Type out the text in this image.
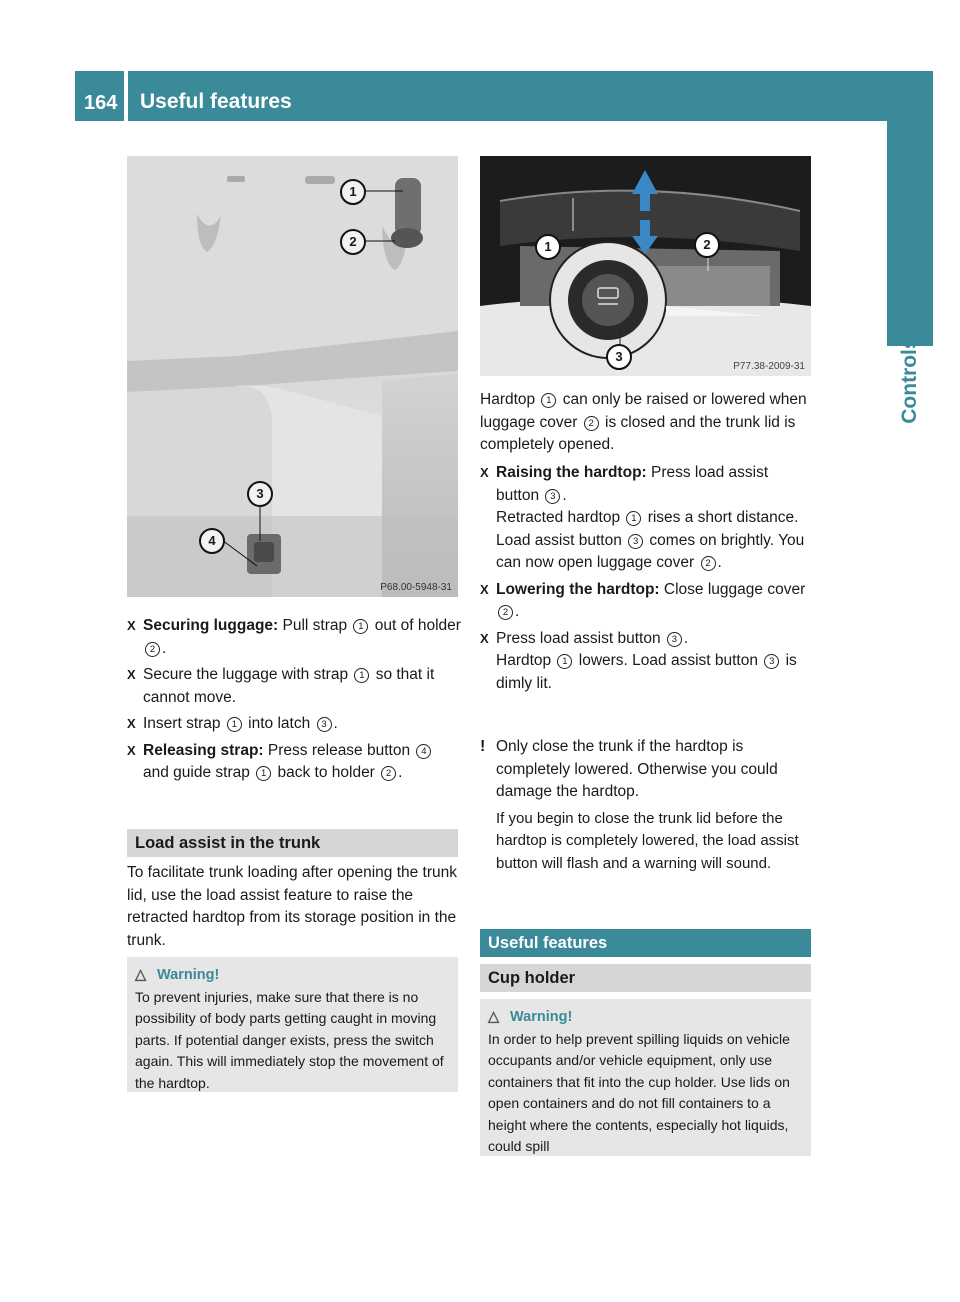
164 Useful features
Controls in detail
1
2
3
4
P68.00-5948-31
1	2
3
P77.38-2009-31
X Securing luggage: Pull strap 1 out of holder 2 .
X Secure the luggage with strap 1 so that it cannot move.
X Insert strap 1 into latch 3 .
X Releasing strap: Press release button 4 and guide strap 1 back to holder 2 .
Load assist in the trunk
To facilitate trunk loading after opening the trunk lid, use the load assist feature to raise the retracted hardtop from its storage position in the trunk.
△ Warning!
To prevent injuries, make sure that there is no possibility of body parts getting caught in moving parts. If potential danger exists, press the switch again. This will immediately stop the movement of the hardtop.
Hardtop 1 can only be raised or lowered when luggage cover 2 is closed and the trunk lid is completely opened.
X Raising the hardtop: Press load assist button 3 .
Retracted hardtop 1 rises a short distance. Load assist button 3 comes on brightly. You can now open luggage cover 2 .
X Lowering the hardtop: Close luggage cover 2 .
X Press load assist button 3 .
Hardtop 1 lowers. Load assist button 3 is dimly lit.
! Only close the trunk if the hardtop is completely lowered. Otherwise you could damage the hardtop.
If you begin to close the trunk lid before the hardtop is completely lowered, the load assist button will flash and a warning will sound.
Useful features
Cup holder
△ Warning!
In order to help prevent spilling liquids on vehicle occupants and/or vehicle equipment, only use containers that fit into the cup holder. Use lids on open containers and do not fill containers to a height where the contents, especially hot liquids, could spill
